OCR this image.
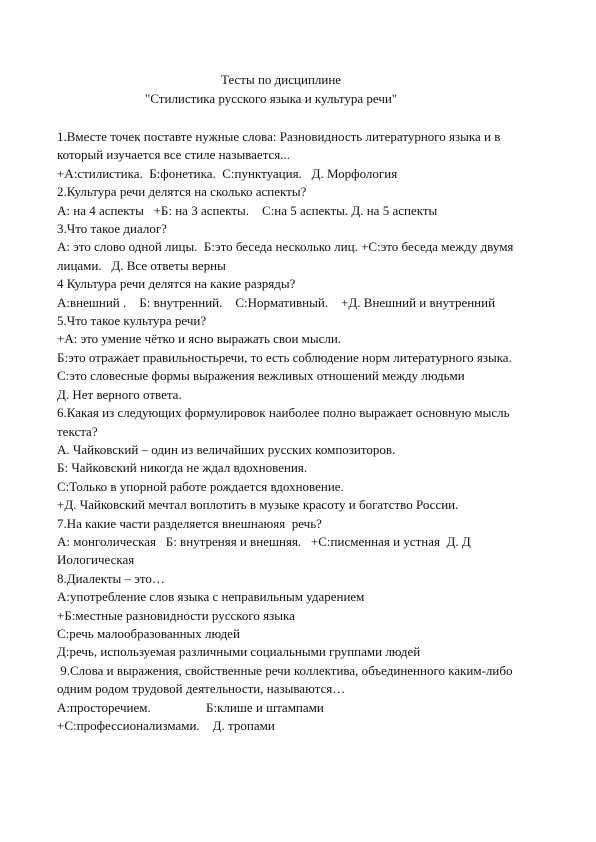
Тесты по дисциплине
"Стилистика русского языка и культура речи"
1.Вместе точек поставте нужные слова: Разновидность литературного языка и в
который изучается все стиле называется...
+А:стилистика.  Б:фонетика.  С:пунктуация.   Д. Морфология
2.Культура речи делятся на сколько аспекты?
А: на 4 аспекты   +Б: на 3 аспекты.    С:на 5 аспекты. Д. на 5 аспекты
3.Что такое диалог?
А: это слово одной лицы.  Б:это беседа несколько лиц. +С:это беседа между двумя
лицами.   Д. Все ответы верны
4 Культура речи делятся на какие разряды?
А:внешний .    Б: внутренний.    С:Нормативный.    +Д. Внешний и внутренний
5.Что такое культура речи?
+А: это умение чётко и ясно выражать свои мысли.
Б:это отражает правильностьречи, то есть соблюдение норм литературного языка.
С:это словесные формы выражения вежливых отношений между людьми
Д. Нет верного ответа.
6.Какая из следующих формулировок наиболее полно выражает основную мысль
текста?
А. Чайковский – один из величайших русских композиторов.
Б: Чайковский никогда не ждал вдохновения.
С:Только в упорной работе рождается вдохновение.
+Д. Чайковский мечтал воплотить в музыке красоту и богатство России.
7.На какие части разделяется внешнаюяя  речь?
А: монголическая   Б: внутреняя и внешняя.   +С:писменная и устная  Д. Д
Иологическая
8.Диалекты – это…
А:употребление слов языка с неправильным ударением
+Б:местные разновидности русского языка
С:речь малообразованных людей
Д:речь, используемая различными социальными группами людей
9.Слова и выражения, свойственные речи коллектива, объединенного каким-либо
одним родом трудовой деятельности, называются…
А:просторечием.                 Б:клише и штампами
+С:профессионализмами.    Д. тропами
